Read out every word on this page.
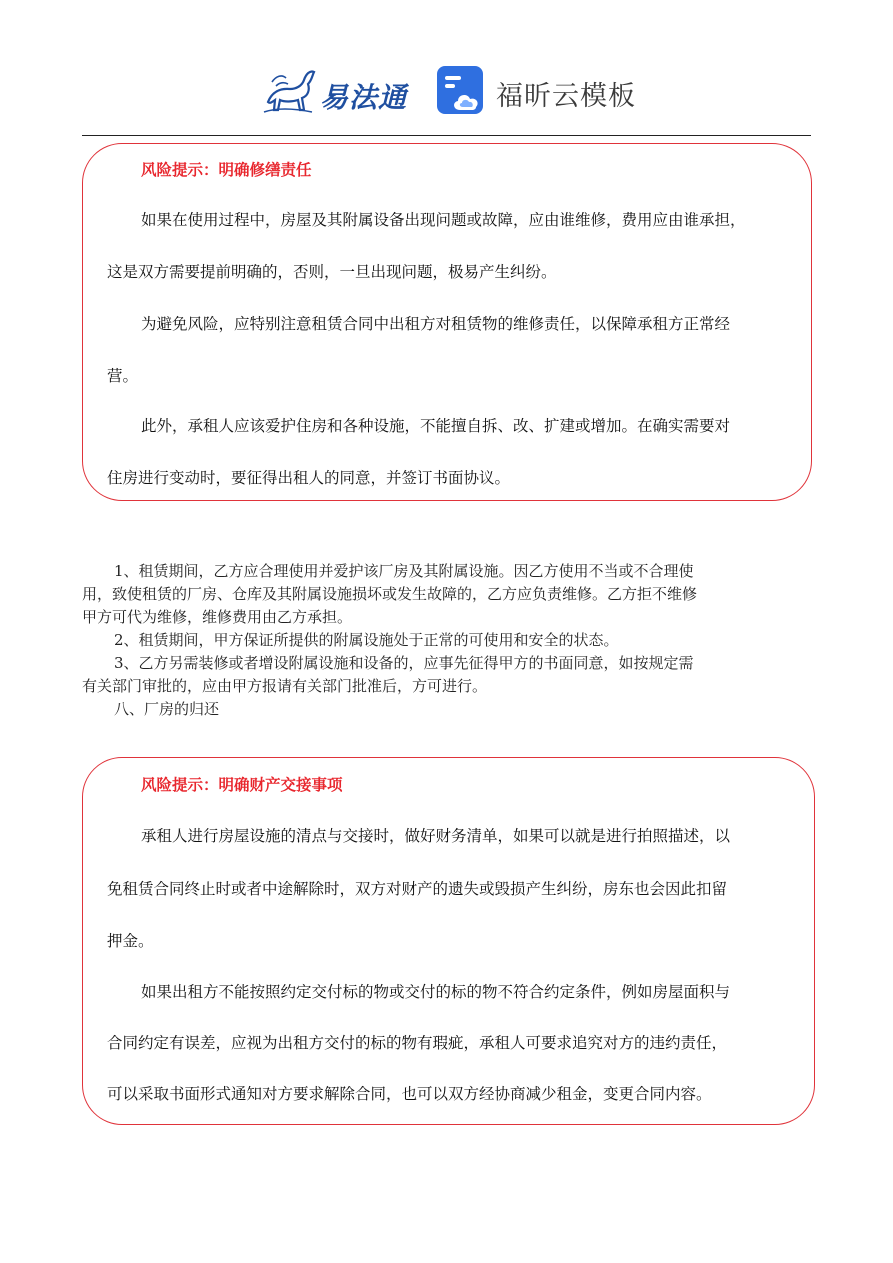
易法通	福昕云模板
风险提示：明确修缮责任
如果在使用过程中，房屋及其附属设备出现问题或故障，应由谁维修，费用应由谁承担，
这是双方需要提前明确的，否则，一旦出现问题，极易产生纠纷。
为避免风险，应特别注意租赁合同中出租方对租赁物的维修责任，以保障承租方正常经
营。
此外，承租人应该爱护住房和各种设施，不能擅自拆、改、扩建或增加。在确实需要对
住房进行变动时，要征得出租人的同意，并签订书面协议。
1、租赁期间，乙方应合理使用并爱护该厂房及其附属设施。因乙方使用不当或不合理使
用，致使租赁的厂房、仓库及其附属设施损坏或发生故障的，乙方应负责维修。乙方拒不维修
甲方可代为维修，维修费用由乙方承担。
2、租赁期间，甲方保证所提供的附属设施处于正常的可使用和安全的状态。
3、乙方另需装修或者增设附属设施和设备的，应事先征得甲方的书面同意，如按规定需
有关部门审批的，应由甲方报请有关部门批准后，方可进行。
八、厂房的归还
风险提示：明确财产交接事项
承租人进行房屋设施的清点与交接时，做好财务清单，如果可以就是进行拍照描述，以
免租赁合同终止时或者中途解除时，双方对财产的遗失或毁损产生纠纷，房东也会因此扣留
押金。
如果出租方不能按照约定交付标的物或交付的标的物不符合约定条件，例如房屋面积与
合同约定有误差，应视为出租方交付的标的物有瑕疵，承租人可要求追究对方的违约责任，
可以采取书面形式通知对方要求解除合同，也可以双方经协商减少租金，变更合同内容。
